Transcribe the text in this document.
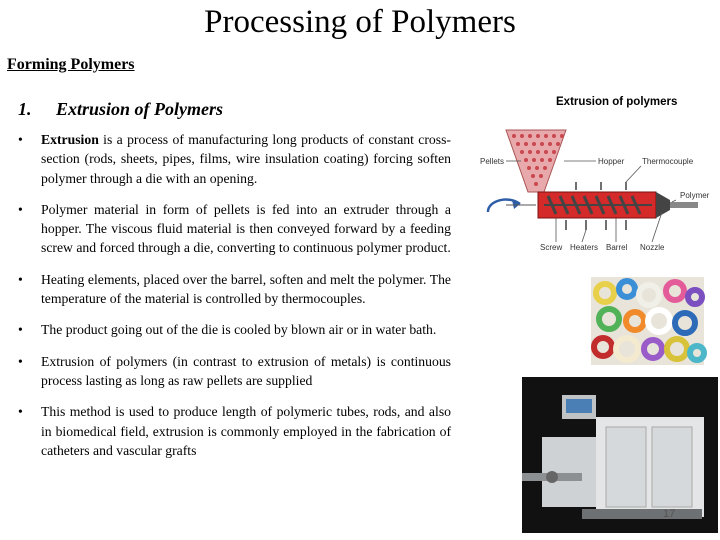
Processing of Polymers
Forming Polymers
1. Extrusion of Polymers
• Extrusion is a process of manufacturing long products of constant cross-section (rods, sheets, pipes, films, wire insulation coating) forcing soften polymer through a die with an opening.
• Polymer material in form of pellets is fed into an extruder through a hopper. The viscous fluid material is then conveyed forward by a feeding screw and forced through a die, converting to continuous polymer product.
• Heating elements, placed over the barrel, soften and melt the polymer. The temperature of the material is controlled by thermocouples.
• The product going out of the die is cooled by blown air or in water bath.
• Extrusion of polymers (in contrast to extrusion of metals) is continuous process lasting as long as raw pellets are supplied
• This method is used to produce length of polymeric tubes, rods, and also in biomedical field, extrusion is commonly employed in the fabrication of catheters and vascular grafts
Extrusion of polymers
Pellets	Hopper Thermocouple
Polymer
Screw Heaters Barrel Nozzle
17
